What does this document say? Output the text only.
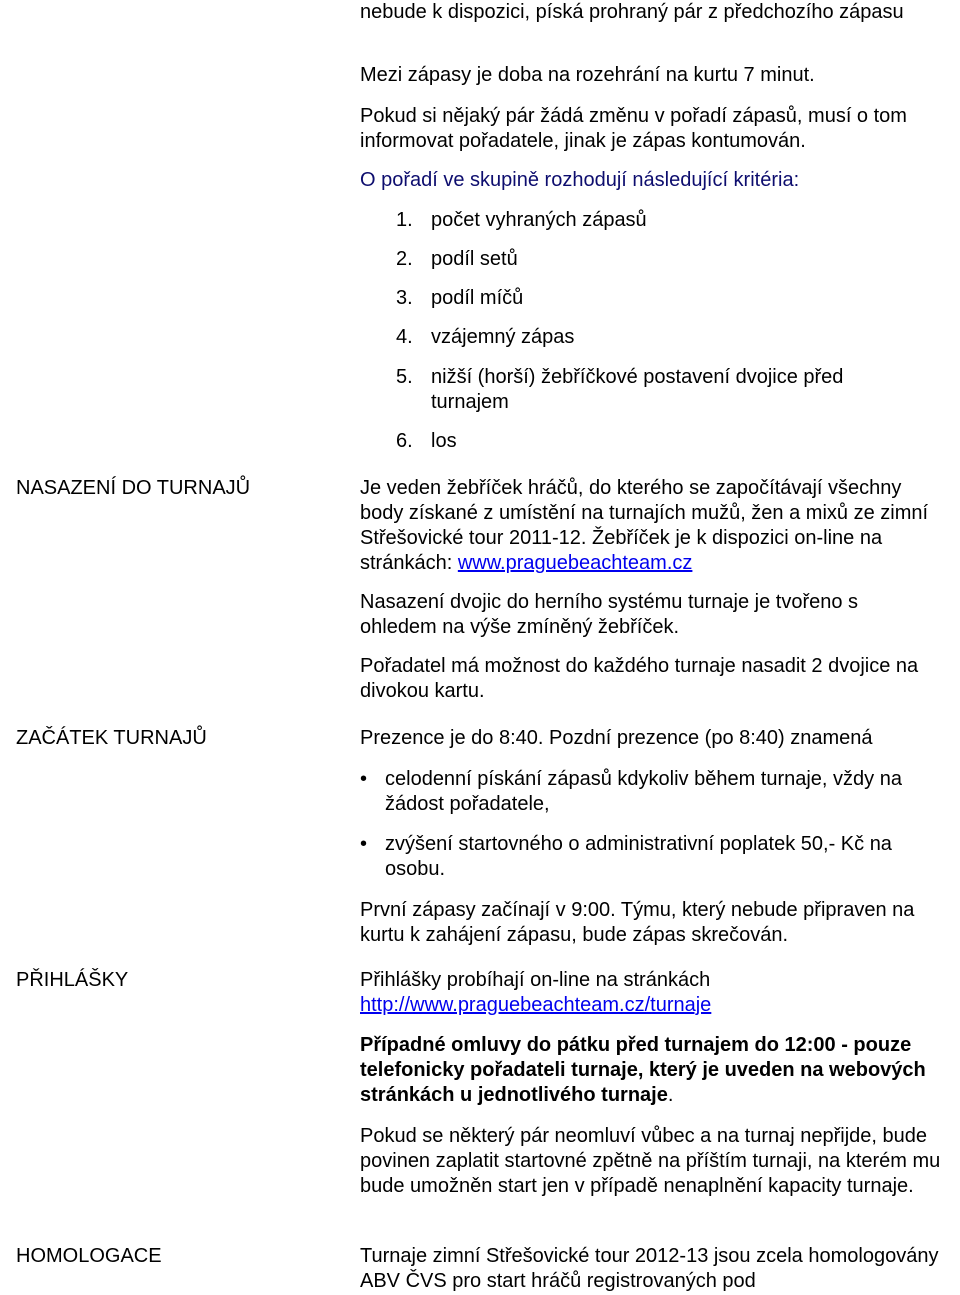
nebude k dispozici, píská prohraný pár z předchozího zápasu

Mezi zápasy je doba na rozehrání na kurtu 7 minut.

Pokud si nějaký pár žádá změnu v pořadí zápasů, musí o tom informovat pořadatele, jinak je zápas kontumován.

O pořadí ve skupině rozhodují následující kritéria:

1. počet vyhraných zápasů
2. podíl setů
3. podíl míčů
4. vzájemný zápas
5. nižší (horší) žebříčkové postavení dvojice před turnajem
6. los

NASAZENÍ DO TURNAJŮ	Je veden žebříček hráčů, do kterého se započítávají všechny body získané z umístění na turnajích mužů, žen a mixů ze zimní Střešovické tour 2011-12. Žebříček je k dispozici on-line na stránkách: www.praguebeachteam.cz

Nasazení dvojic do herního systému turnaje je tvořeno s ohledem na výše zmíněný žebříček.

Pořadatel má možnost do každého turnaje nasadit 2 dvojice na divokou kartu.

ZAČÁTEK TURNAJŮ	Prezence je do 8:40. Pozdní prezence (po 8:40) znamená

• celodenní pískání zápasů kdykoliv během turnaje, vždy na žádost pořadatele,

• zvýšení startovného o administrativní poplatek 50,- Kč na osobu.

První zápasy začínají v 9:00. Týmu, který nebude připraven na kurtu k zahájení zápasu, bude zápas skrečován.

PŘIHLÁŠKY	Přihlášky probíhají on-line na stránkách
http://www.praguebeachteam.cz/turnaje

Případné omluvy do pátku před turnajem do 12:00 - pouze telefonicky pořadateli turnaje, který je uveden na webových stránkách u jednotlivého turnaje.

Pokud se některý pár neomluví vůbec a na turnaj nepřijde, bude povinen zaplatit startovné zpětně na příštím turnaji, na kterém mu bude umožněn start jen v případě nenaplnění kapacity turnaje.

HOMOLOGACE	Turnaje zimní Střešovické tour 2012-13 jsou zcela homologovány ABV ČVS pro start hráčů registrovaných pod
